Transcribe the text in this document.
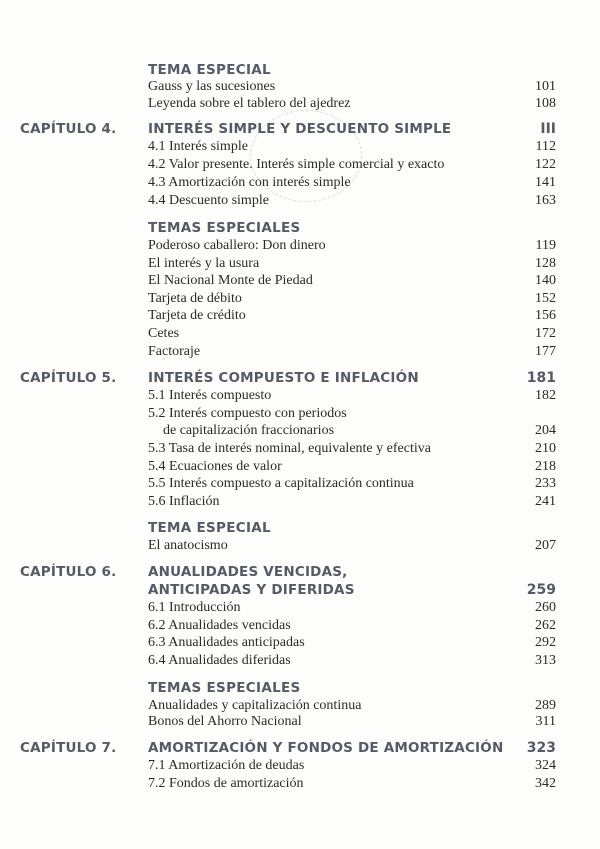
TEMA ESPECIAL
Gauss y las sucesiones	101
Leyenda sobre el tablero del ajedrez	108
CAPÍTULO 4. INTERÉS SIMPLE Y DESCUENTO SIMPLE	III
4.1 Interés simple	112
4.2 Valor presente. Interés simple comercial y exacto	122
4.3 Amortización con interés simple	141
4.4 Descuento simple	163
TEMAS ESPECIALES
Poderoso caballero: Don dinero	119
El interés y la usura	128
El Nacional Monte de Piedad	140
Tarjeta de débito	152
Tarjeta de crédito	156
Cetes	172
Factoraje	177
CAPÍTULO 5. INTERÉS COMPUESTO E INFLACIÓN	181
5.1 Interés compuesto	182
5.2 Interés compuesto con periodos
de capitalización fraccionarios	204
5.3 Tasa de interés nominal, equivalente y efectiva	210
5.4 Ecuaciones de valor	218
5.5 Interés compuesto a capitalización continua	233
5.6 Inflación	241
TEMA ESPECIAL
El anatocismo	207
CAPÍTULO 6. ANUALIDADES VENCIDAS,
ANTICIPADAS Y DIFERIDAS	259
6.1 Introducción	260
6.2 Anualidades vencidas	262
6.3 Anualidades anticipadas	292
6.4 Anualidades diferidas	313
TEMAS ESPECIALES
Anualidades y capitalización continua	289
Bonos del Ahorro Nacional	311
CAPÍTULO 7. AMORTIZACIÓN Y FONDOS DE AMORTIZACIÓN 323
7.1 Amortización de deudas	324
7.2 Fondos de amortización	342
